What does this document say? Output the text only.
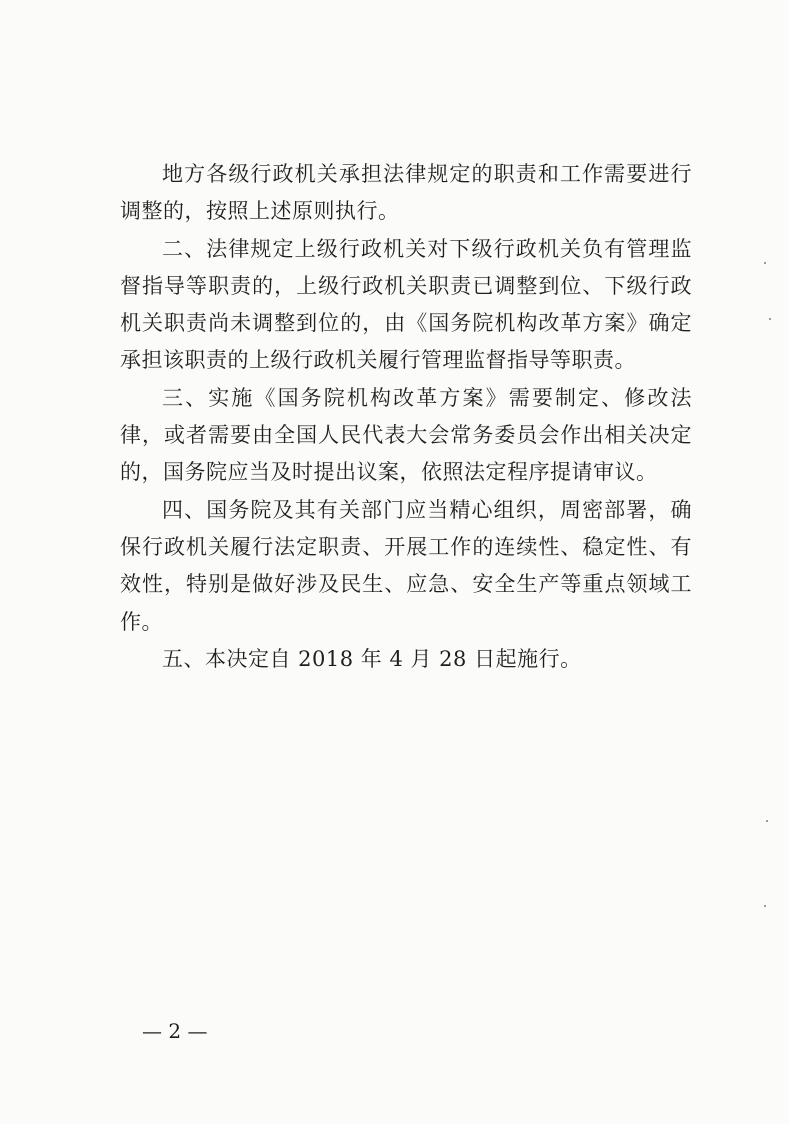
地方各级行政机关承担法律规定的职责和工作需要进行调整的，按照上述原则执行。

二、法律规定上级行政机关对下级行政机关负有管理监督指导等职责的，上级行政机关职责已调整到位、下级行政机关职责尚未调整到位的，由《国务院机构改革方案》确定承担该职责的上级行政机关履行管理监督指导等职责。

三、实施《国务院机构改革方案》需要制定、修改法律，或者需要由全国人民代表大会常务委员会作出相关决定的，国务院应当及时提出议案，依照法定程序提请审议。

四、国务院及其有关部门应当精心组织，周密部署，确保行政机关履行法定职责、开展工作的连续性、稳定性、有效性，特别是做好涉及民生、应急、安全生产等重点领域工作。

五、本决定自 2018 年 4 月 28 日起施行。

— 2 —
